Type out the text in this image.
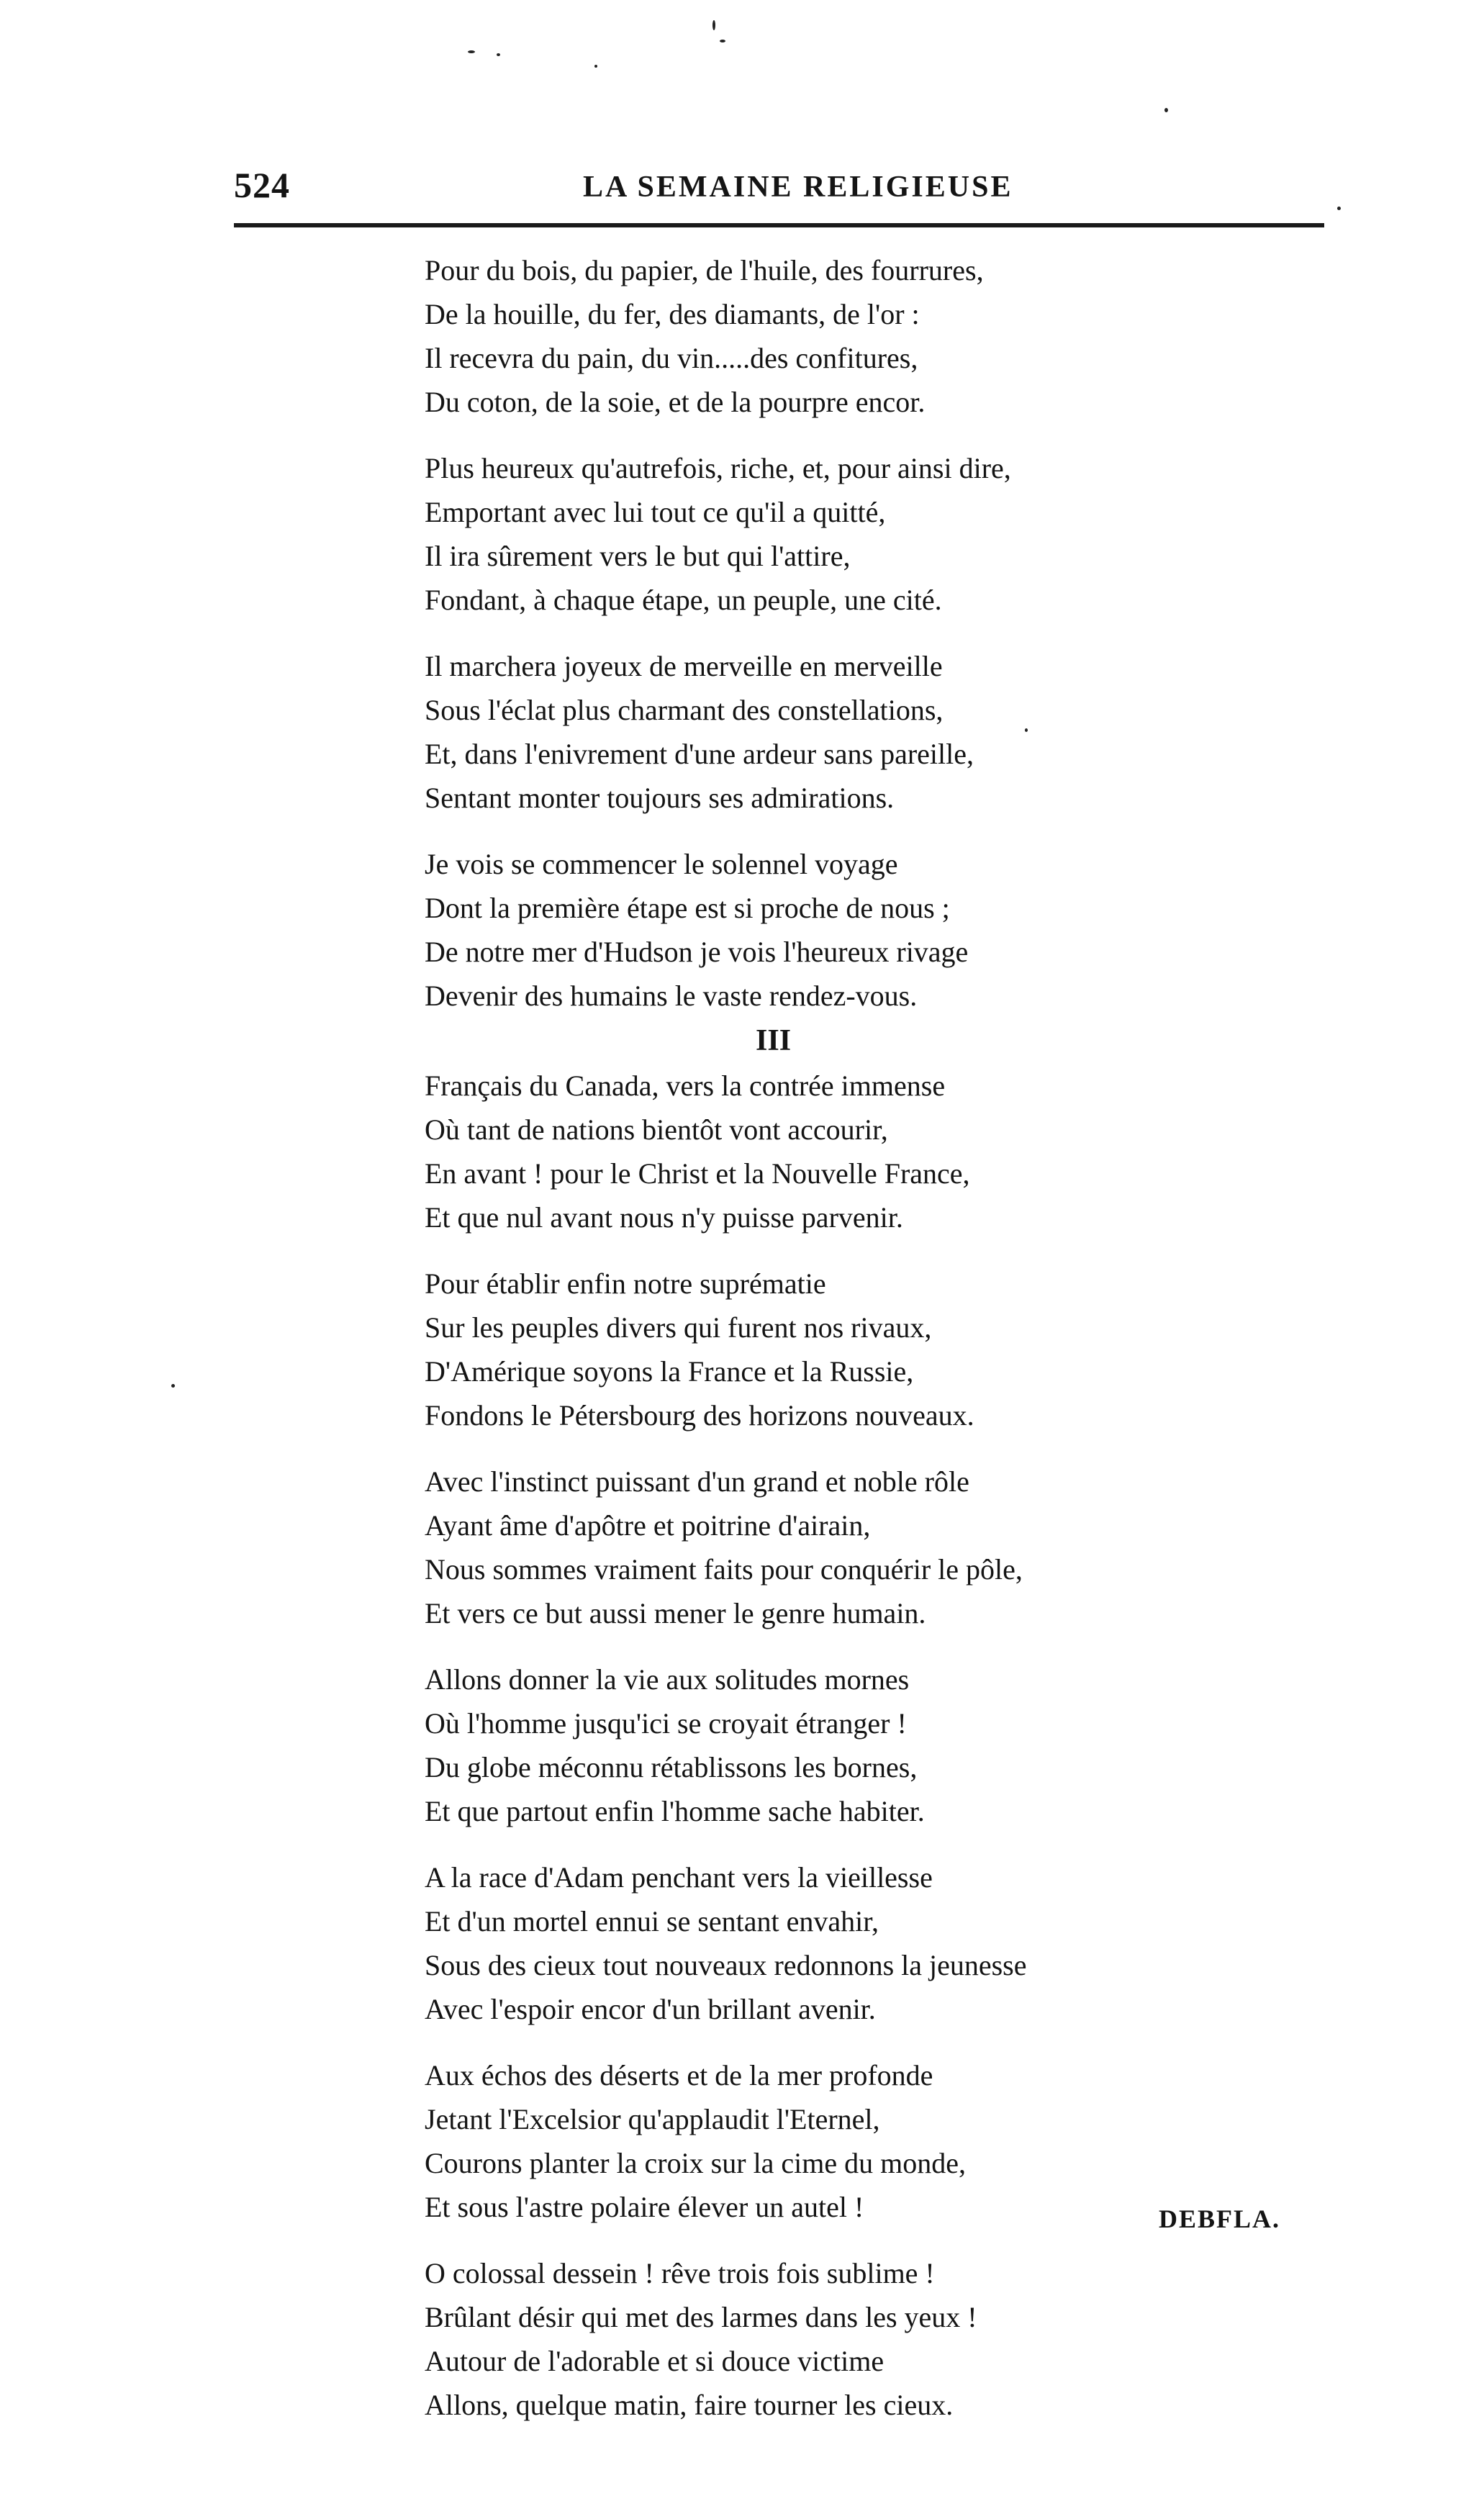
524	LA SEMAINE RELIGIEUSE
Pour du bois, du papier, de l'huile, des fourrures,
De la houille, du fer, des diamants, de l'or :
Il recevra du pain, du vin.....des confitures,
Du coton, de la soie, et de la pourpre encor.
Plus heureux qu'autrefois, riche, et, pour ainsi dire,
Emportant avec lui tout ce qu'il a quitté,
Il ira sûrement vers le but qui l'attire,
Fondant, à chaque étape, un peuple, une cité.
Il marchera joyeux de merveille en merveille
Sous l'éclat plus charmant des constellations,
Et, dans l'enivrement d'une ardeur sans pareille,
Sentant monter toujours ses admirations.
Je vois se commencer le solennel voyage
Dont la première étape est si proche de nous ;
De notre mer d'Hudson je vois l'heureux rivage
Devenir des humains le vaste rendez-vous.
III
Français du Canada, vers la contrée immense
Où tant de nations bientôt vont accourir,
En avant ! pour le Christ et la Nouvelle France,
Et que nul avant nous n'y puisse parvenir.
Pour établir enfin notre suprématie
Sur les peuples divers qui furent nos rivaux,
D'Amérique soyons la France et la Russie,
Fondons le Pétersbourg des horizons nouveaux.
Avec l'instinct puissant d'un grand et noble rôle
Ayant âme d'apôtre et poitrine d'airain,
Nous sommes vraiment faits pour conquérir le pôle,
Et vers ce but aussi mener le genre humain.
Allons donner la vie aux solitudes mornes
Où l'homme jusqu'ici se croyait étranger !
Du globe méconnu rétablissons les bornes,
Et que partout enfin l'homme sache habiter.
A la race d'Adam penchant vers la vieillesse
Et d'un mortel ennui se sentant envahir,
Sous des cieux tout nouveaux redonnons la jeunesse
Avec l'espoir encor d'un brillant avenir.
Aux échos des déserts et de la mer profonde
Jetant l'Excelsior qu'applaudit l'Eternel,
Courons planter la croix sur la cime du monde,
Et sous l'astre polaire élever un autel !
O colossal dessein ! rêve trois fois sublime !
Brûlant désir qui met des larmes dans les yeux !
Autour de l'adorable et si douce victime
Allons, quelque matin, faire tourner les cieux.
DEBFLA.
